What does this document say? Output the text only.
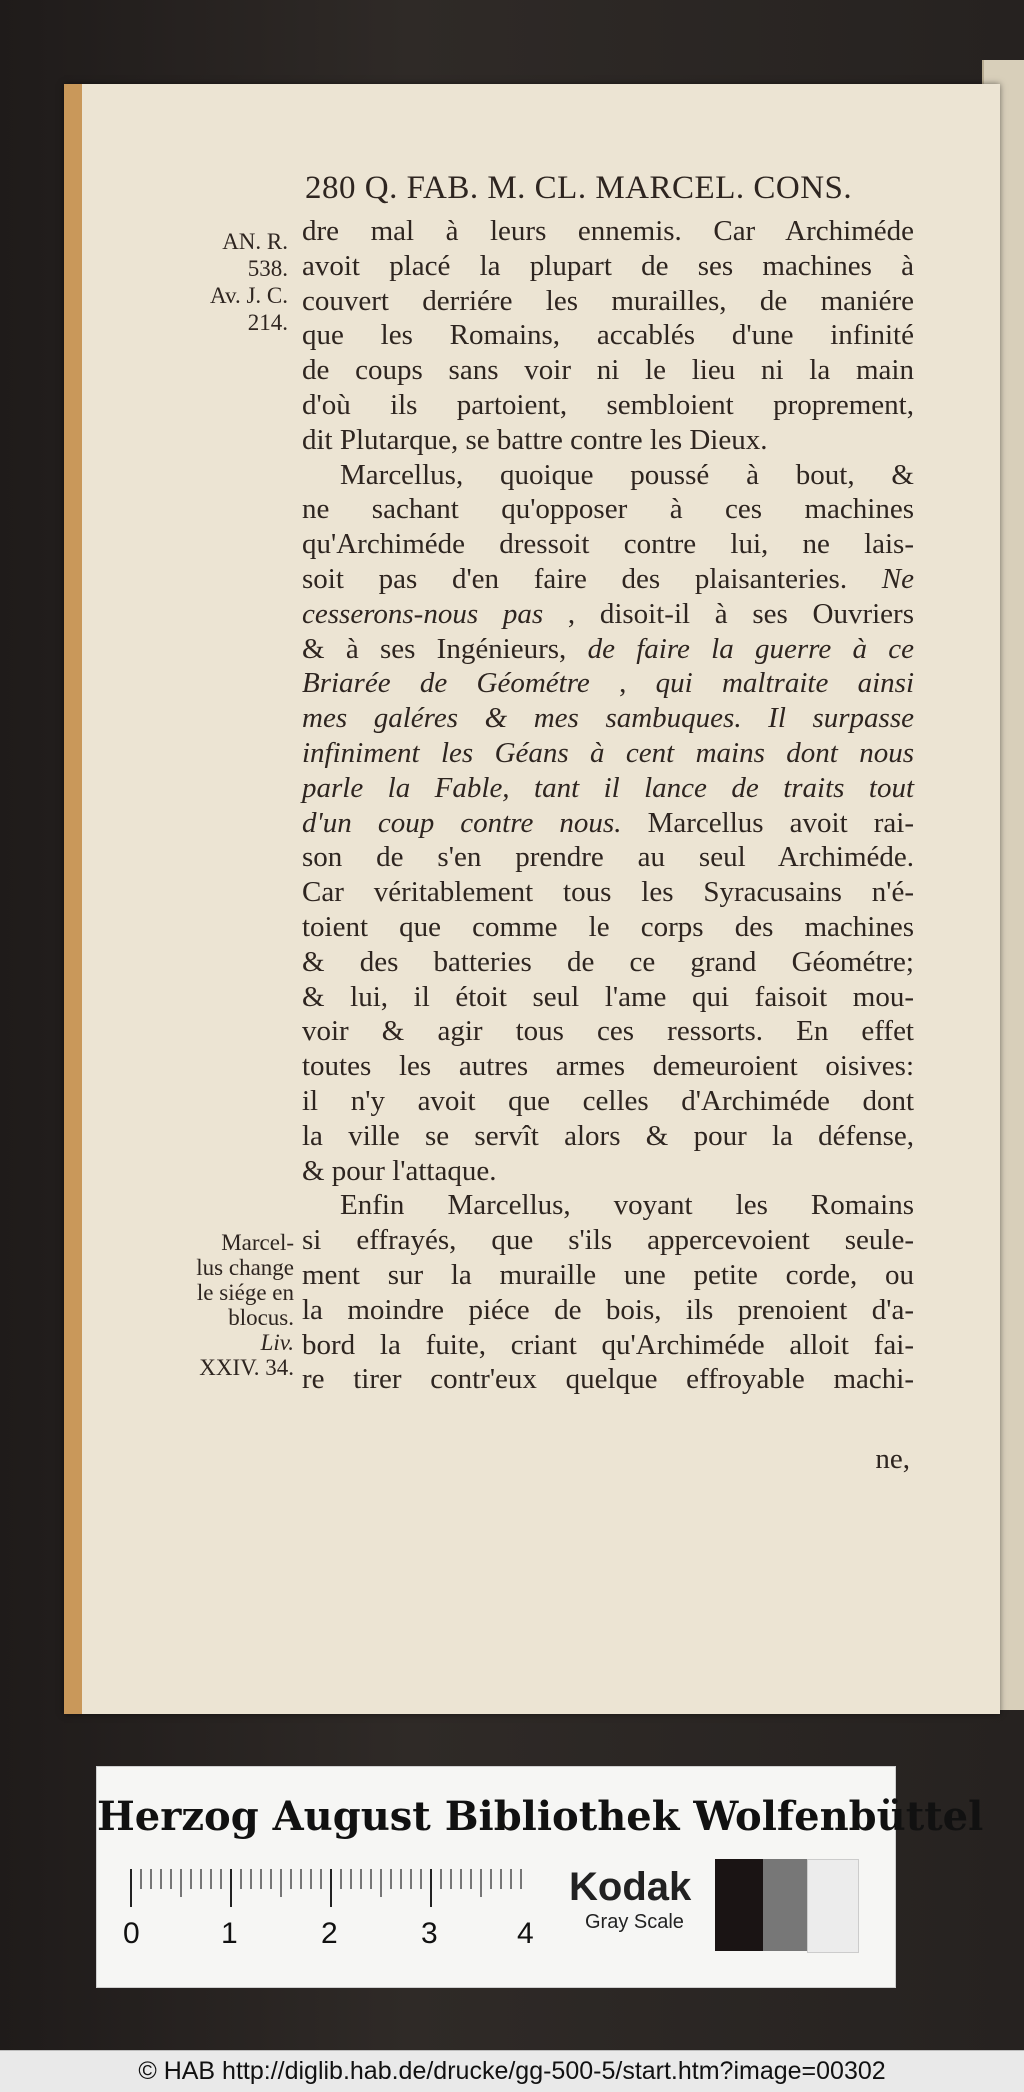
280 Q. FAB. M. CL. MARCEL. CONS.
AN. R.
538.
Av. J. C.
214.
Marcel-
lus change
le siége en
blocus.
Liv.
XXIV. 34.
dre mal à leurs ennemis. Car Archiméde
avoit placé la plupart de ses machines à
couvert derriére les murailles, de maniére
que les Romains, accablés d'une infinité
de coups sans voir ni le lieu ni la main
d'où ils partoient, sembloient proprement,
dit Plutarque, se battre contre les Dieux.
Marcellus, quoique poussé à bout, &
ne sachant qu'opposer à ces machines
qu'Archiméde dressoit contre lui, ne lais-
soit pas d'en faire des plaisanteries. Ne
cesserons-nous pas , disoit-il à ses Ouvriers
& à ses Ingénieurs, de faire la guerre à ce
Briarée de Géométre , qui maltraite ainsi
mes galéres & mes sambuques. Il surpasse
infiniment les Géans à cent mains dont nous
parle la Fable, tant il lance de traits tout
d'un coup contre nous. Marcellus avoit rai-
son de s'en prendre au seul Archiméde.
Car véritablement tous les Syracusains n'é-
toient que comme le corps des machines
& des batteries de ce grand Géométre;
& lui, il étoit seul l'ame qui faisoit mou-
voir & agir tous ces ressorts. En effet
toutes les autres armes demeuroient oisives:
il n'y avoit que celles d'Archiméde dont
la ville se servît alors & pour la défense,
& pour l'attaque.
Enfin Marcellus, voyant les Romains
si effrayés, que s'ils appercevoient seule-
ment sur la muraille une petite corde, ou
la moindre piéce de bois, ils prenoient d'a-
bord la fuite, criant qu'Archiméde alloit fai-
re tirer contr'eux quelque effroyable machi-
ne,
Herzog August Bibliothek Wolfenbüttel
0	1	2	3	4
Kodak
Gray Scale
© HAB http://diglib.hab.de/drucke/gg-500-5/start.htm?image=00302
